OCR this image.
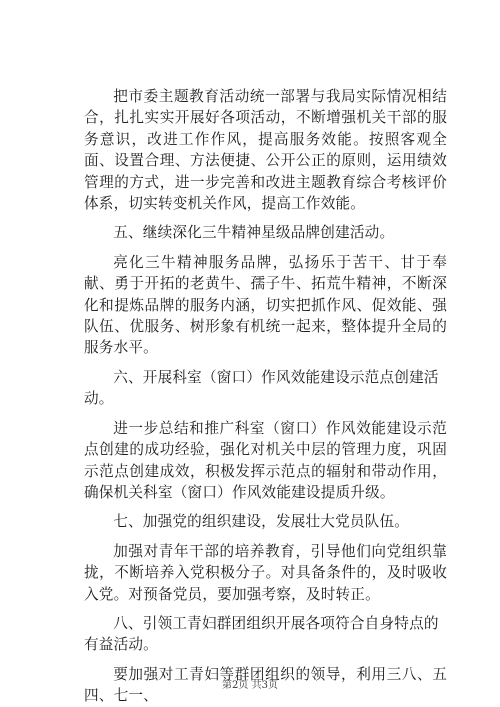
把市委主题教育活动统一部署与我局实际情况相结合，扎扎实实开展好各项活动，不断增强机关干部的服务意识，改进工作作风，提高服务效能。按照客观全面、设置合理、方法便捷、公开公正的原则，运用绩效管理的方式，进一步完善和改进主题教育综合考核评价体系，切实转变机关作风，提高工作效能。

五、继续深化三牛精神星级品牌创建活动。

亮化三牛精神服务品牌，弘扬乐于苦干、甘于奉献、勇于开拓的老黄牛、孺子牛、拓荒牛精神，不断深化和提炼品牌的服务内涵，切实把抓作风、促效能、强队伍、优服务、树形象有机统一起来，整体提升全局的服务水平。

六、开展科室（窗口）作风效能建设示范点创建活动。

进一步总结和推广科室（窗口）作风效能建设示范点创建的成功经验，强化对机关中层的管理力度，巩固示范点创建成效，积极发挥示范点的辐射和带动作用，确保机关科室（窗口）作风效能建设提质升级。

七、加强党的组织建设，发展壮大党员队伍。

加强对青年干部的培养教育，引导他们向党组织靠拢，不断培养入党积极分子。对具备条件的，及时吸收入党。对预备党员，要加强考察，及时转正。

八、引领工青妇群团组织开展各项符合自身特点的有益活动。

要加强对工青妇等群团组织的领导，利用三八、五四、七一、

第2页 共3页
